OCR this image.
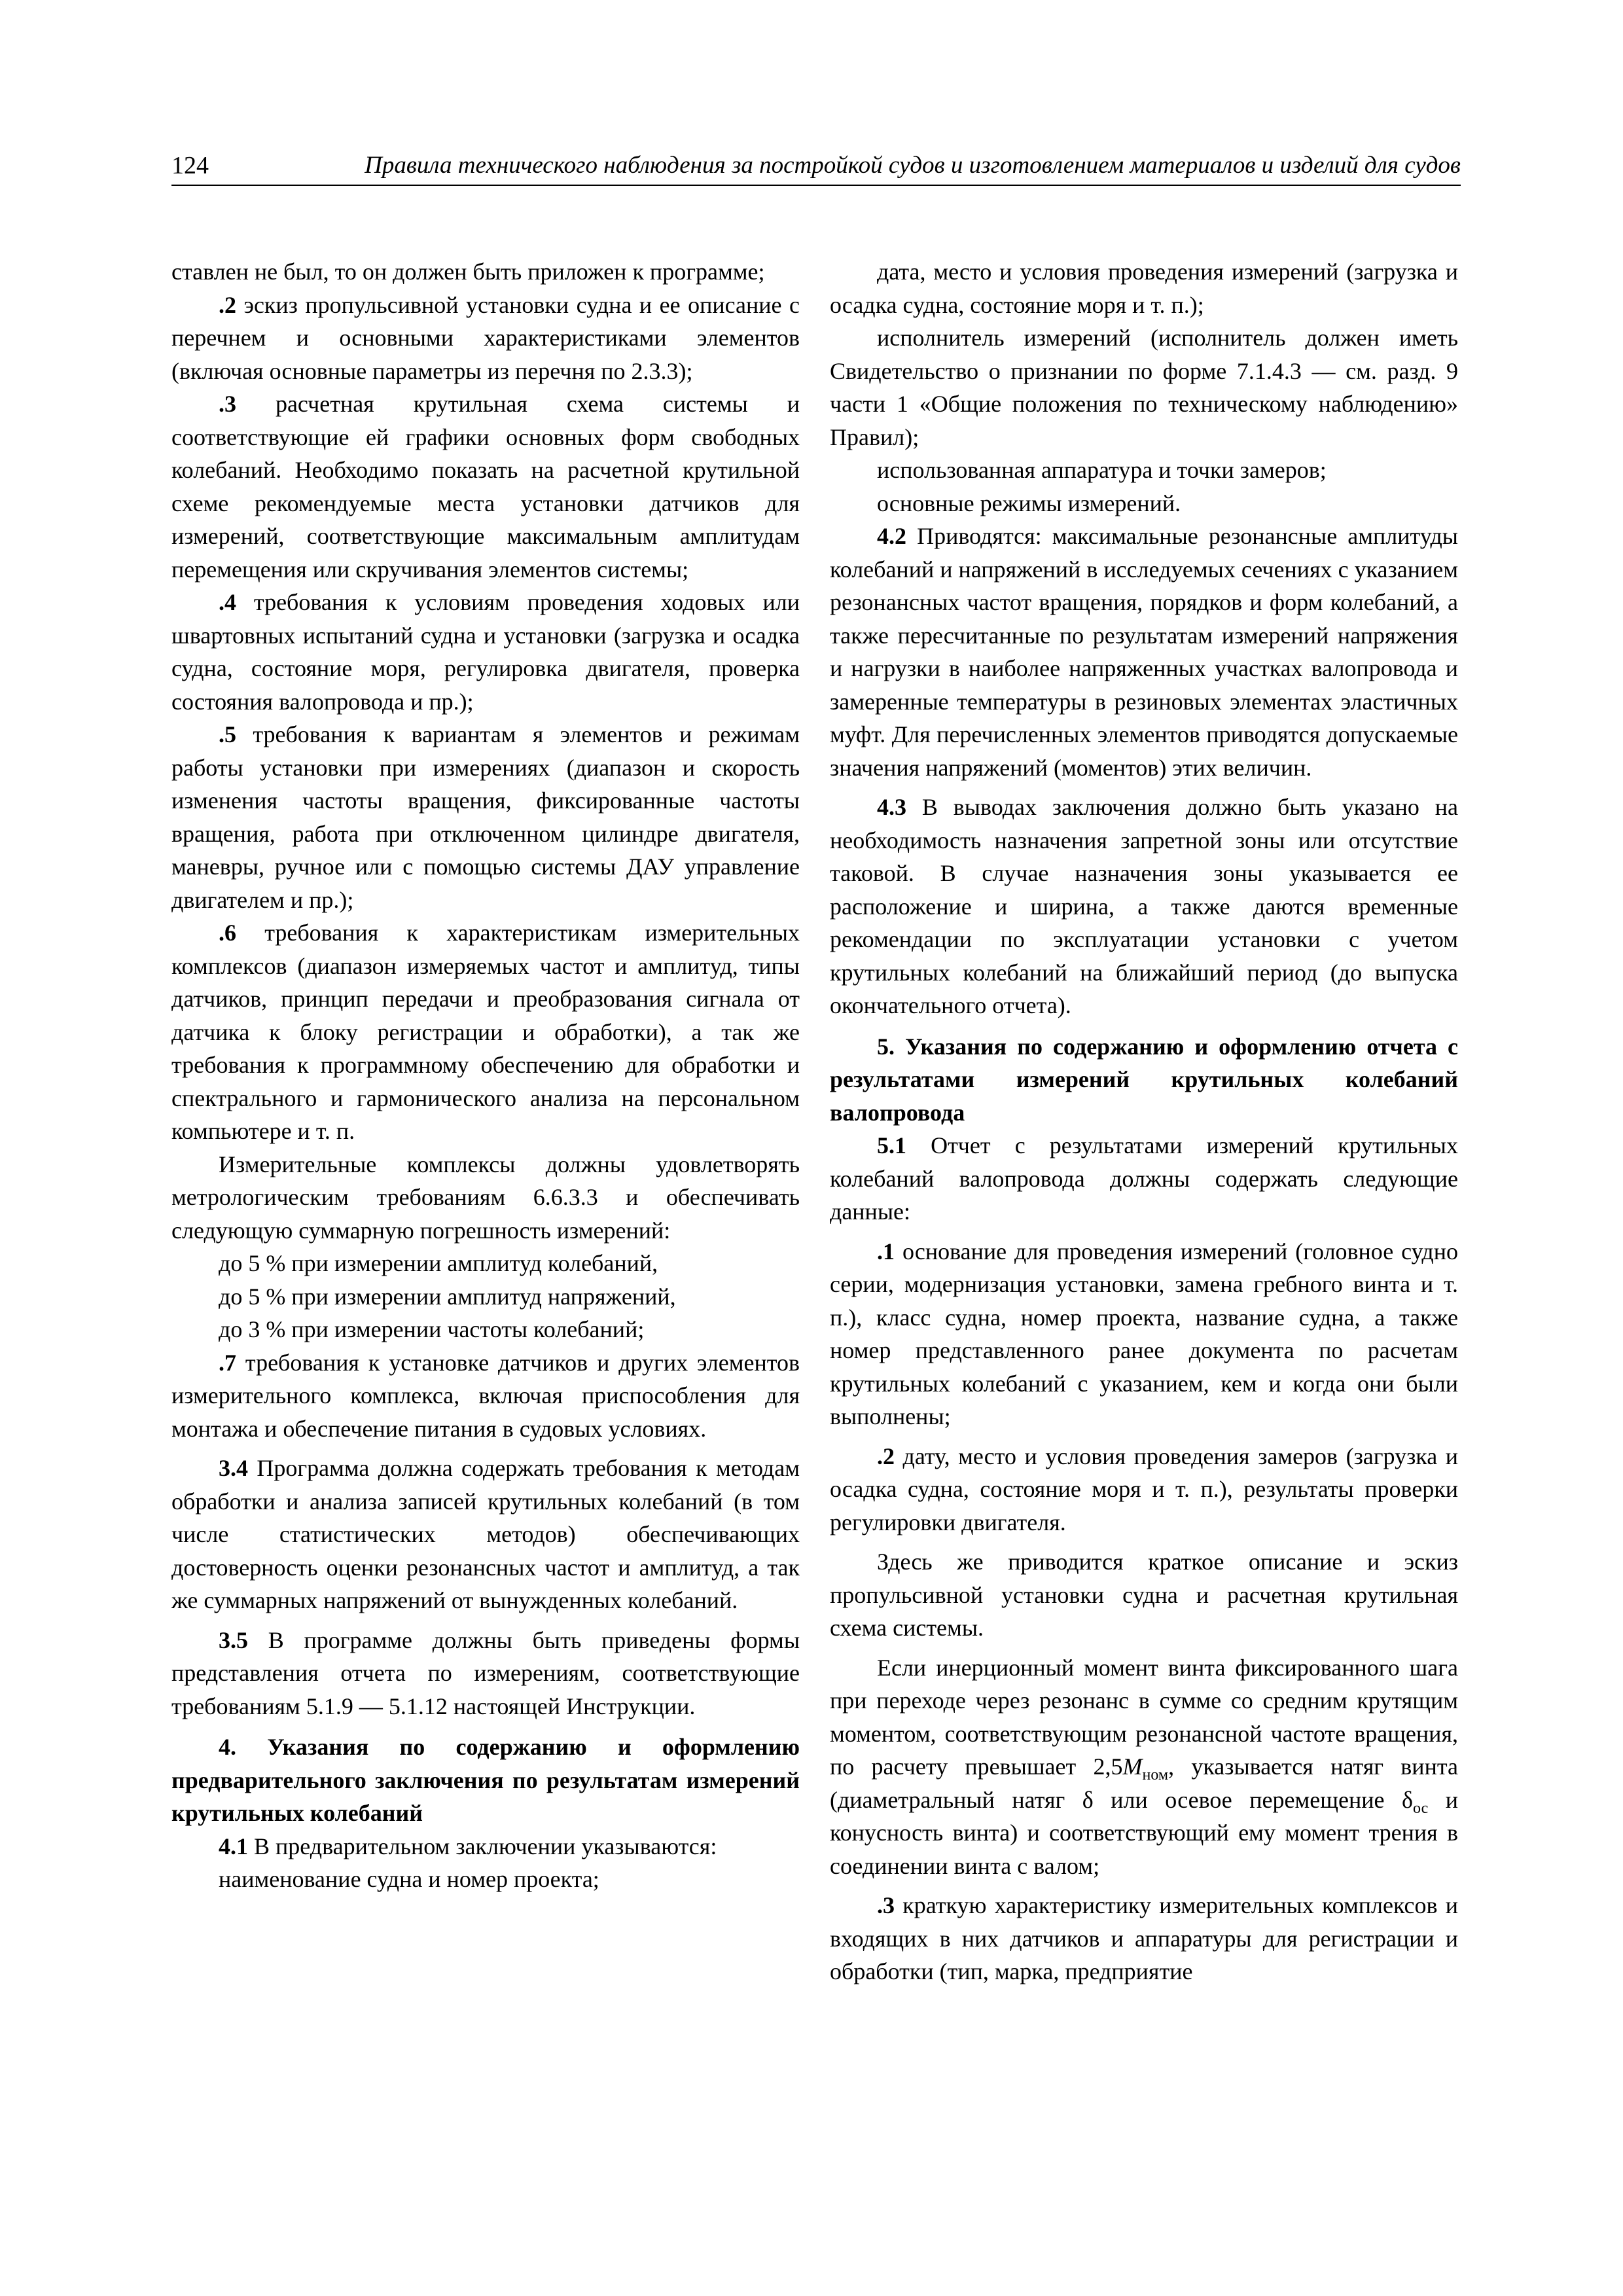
124	Правила технического наблюдения за постройкой судов и изготовлением материалов и изделий для судов

ставлен не был, то он должен быть приложен к программе;

.2 эскиз пропульсивной установки судна и ее описание с перечнем и основными характеристиками элементов (включая основные параметры из перечня по 2.3.3);

.3 расчетная крутильная схема системы и соответствующие ей графики основных форм свободных колебаний. Необходимо показать на расчетной крутильной схеме рекомендуемые места установки датчиков для измерений, соответствующие максимальным амплитудам перемещения или скручивания элементов системы;

.4 требования к условиям проведения ходовых или швартовных испытаний судна и установки (загрузка и осадка судна, состояние моря, регулировка двигателя, проверка состояния валопровода и пр.);

.5 требования к вариантам я элементов и режимам работы установки при измерениях (диапазон и скорость изменения частоты вращения, фиксированные частоты вращения, работа при отключенном цилиндре двигателя, маневры, ручное или с помощью системы ДАУ управление двигателем и пр.);

.6 требования к характеристикам измерительных комплексов (диапазон измеряемых частот и амплитуд, типы датчиков, принцип передачи и преобразования сигнала от датчика к блоку регистрации и обработки), а так же требования к программному обеспечению для обработки и спектрального и гармонического анализа на персональном компьютере и т. п.

Измерительные комплексы должны удовлетворять метрологическим требованиям 6.6.3.3 и обеспечивать следующую суммарную погрешность измерений:

до 5 % при измерении амплитуд колебаний,

до 5 % при измерении амплитуд напряжений,

до 3 % при измерении частоты колебаний;

.7 требования к установке датчиков и других элементов измерительного комплекса, включая приспособления для монтажа и обеспечение питания в судовых условиях.

3.4 Программа должна содержать требования к методам обработки и анализа записей крутильных колебаний (в том числе статистических методов) обеспечивающих достоверность оценки резонансных частот и амплитуд, а так же суммарных напряжений от вынужденных колебаний.

3.5 В программе должны быть приведены формы представления отчета по измерениям, соответствующие требованиям 5.1.9 — 5.1.12 настоящей Инструкции.

4. Указания по содержанию и оформлению предварительного заключения по результатам измерений крутильных колебаний

4.1 В предварительном заключении указываются:

наименование судна и номер проекта;

дата, место и условия проведения измерений (загрузка и осадка судна, состояние моря и т. п.);

исполнитель измерений (исполнитель должен иметь Свидетельство о признании по форме 7.1.4.3 — см. разд. 9 части 1 «Общие положения по техническому наблюдению» Правил);

использованная аппаратура и точки замеров;

основные режимы измерений.

4.2 Приводятся: максимальные резонансные амплитуды колебаний и напряжений в исследуемых сечениях с указанием резонансных частот вращения, порядков и форм колебаний, а также пересчитанные по результатам измерений напряжения и нагрузки в наиболее напряженных участках валопровода и замеренные температуры в резиновых элементах эластичных муфт. Для перечисленных элементов приводятся допускаемые значения напряжений (моментов) этих величин.

4.3 В выводах заключения должно быть указано на необходимость назначения запретной зоны или отсутствие таковой. В случае назначения зоны указывается ее расположение и ширина, а также даются временные рекомендации по эксплуатации установки с учетом крутильных колебаний на ближайший период (до выпуска окончательного отчета).

5. Указания по содержанию и оформлению отчета с результатами измерений крутильных колебаний валопровода

5.1 Отчет с результатами измерений крутильных колебаний валопровода должны содержать следующие данные:

.1 основание для проведения измерений (головное судно серии, модернизация установки, замена гребного винта и т. п.), класс судна, номер проекта, название судна, а также номер представленного ранее документа по расчетам крутильных колебаний с указанием, кем и когда они были выполнены;

.2 дату, место и условия проведения замеров (загрузка и осадка судна, состояние моря и т. п.), результаты проверки регулировки двигателя.

Здесь же приводится краткое описание и эскиз пропульсивной установки судна и расчетная крутильная схема системы.

Если инерционный момент винта фиксированного шага при переходе через резонанс в сумме со средним крутящим моментом, соответствующим резонансной частоте вращения, по расчету превышает $2,5M_{ном}$, указывается натяг винта (диаметральный натяг δ или осевое перемещение $\delta_{ос}$ и конусность винта) и соответствующий ему момент трения в соединении винта с валом;

.3 краткую характеристику измерительных комплексов и входящих в них датчиков и аппаратуры для регистрации и обработки (тип, марка, предприятие
